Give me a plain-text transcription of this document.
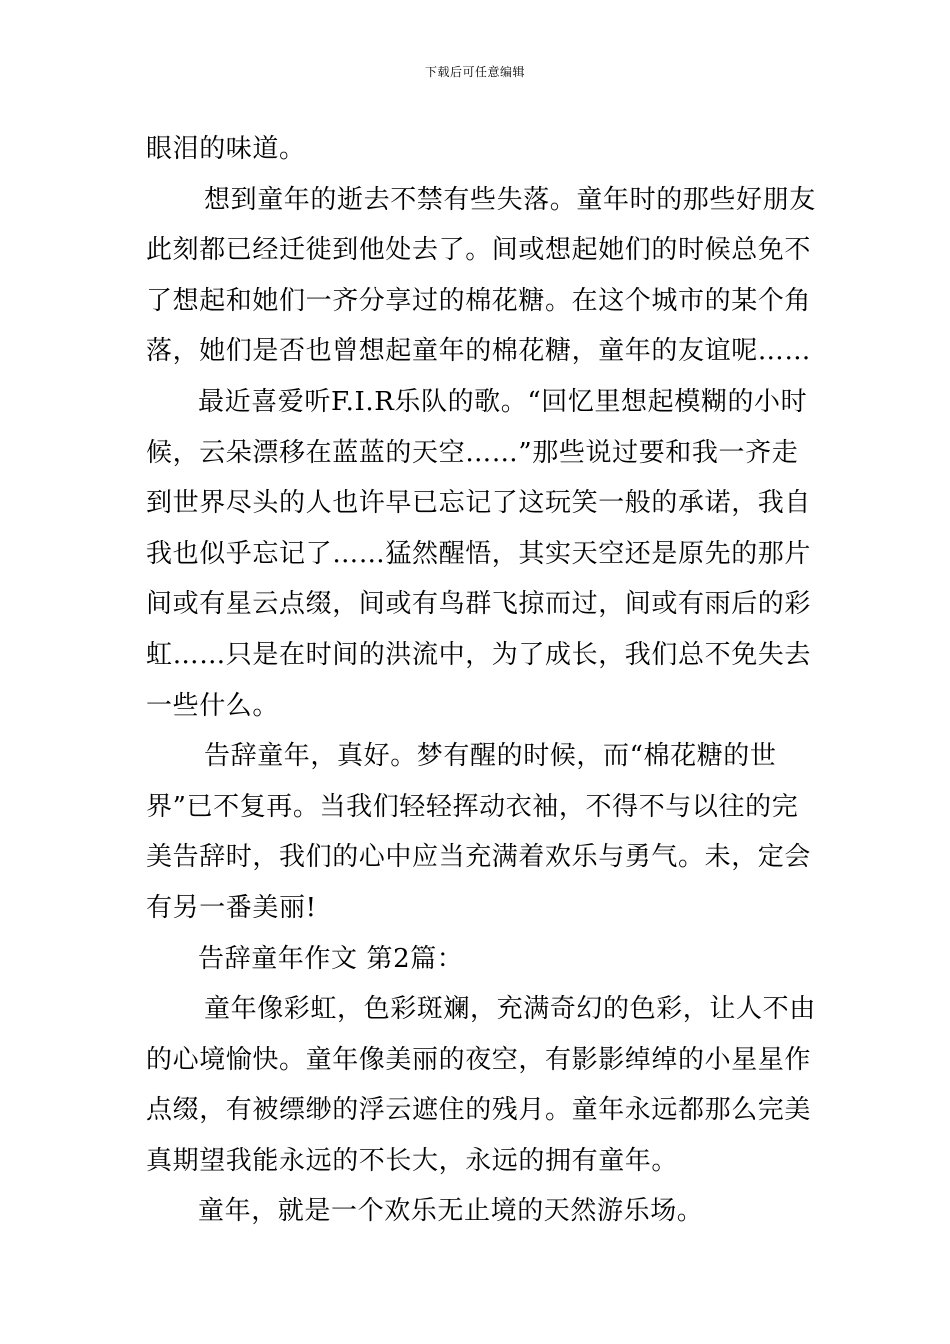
下载后可任意编辑
眼泪的味道。
想到童年的逝去不禁有些失落。童年时的那些好朋友
此刻都已经迁徙到他处去了。间或想起她们的时候总免不
了想起和她们一齐分享过的棉花糖。在这个城市的某个角
落，她们是否也曾想起童年的棉花糖，童年的友谊呢……
最近喜爱听F.I.R乐队的歌。“回忆里想起模糊的小时
候，云朵漂移在蓝蓝的天空……”那些说过要和我一齐走
到世界尽头的人也许早已忘记了这玩笑一般的承诺，我自
我也似乎忘记了……猛然醒悟，其实天空还是原先的那片
间或有星云点缀，间或有鸟群飞掠而过，间或有雨后的彩
虹……只是在时间的洪流中，为了成长，我们总不免失去
一些什么。
告辞童年，真好。梦有醒的时候，而“棉花糖的世
界”已不复再。当我们轻轻挥动衣袖，不得不与以往的完
美告辞时，我们的心中应当充满着欢乐与勇气。未，定会
有另一番美丽!
告辞童年作文 第2篇：
童年像彩虹，色彩斑斓，充满奇幻的色彩，让人不由
的心境愉快。童年像美丽的夜空，有影影绰绰的小星星作
点缀，有被缥缈的浮云遮住的残月。童年永远都那么完美
真期望我能永远的不长大，永远的拥有童年。
童年，就是一个欢乐无止境的天然游乐场。
